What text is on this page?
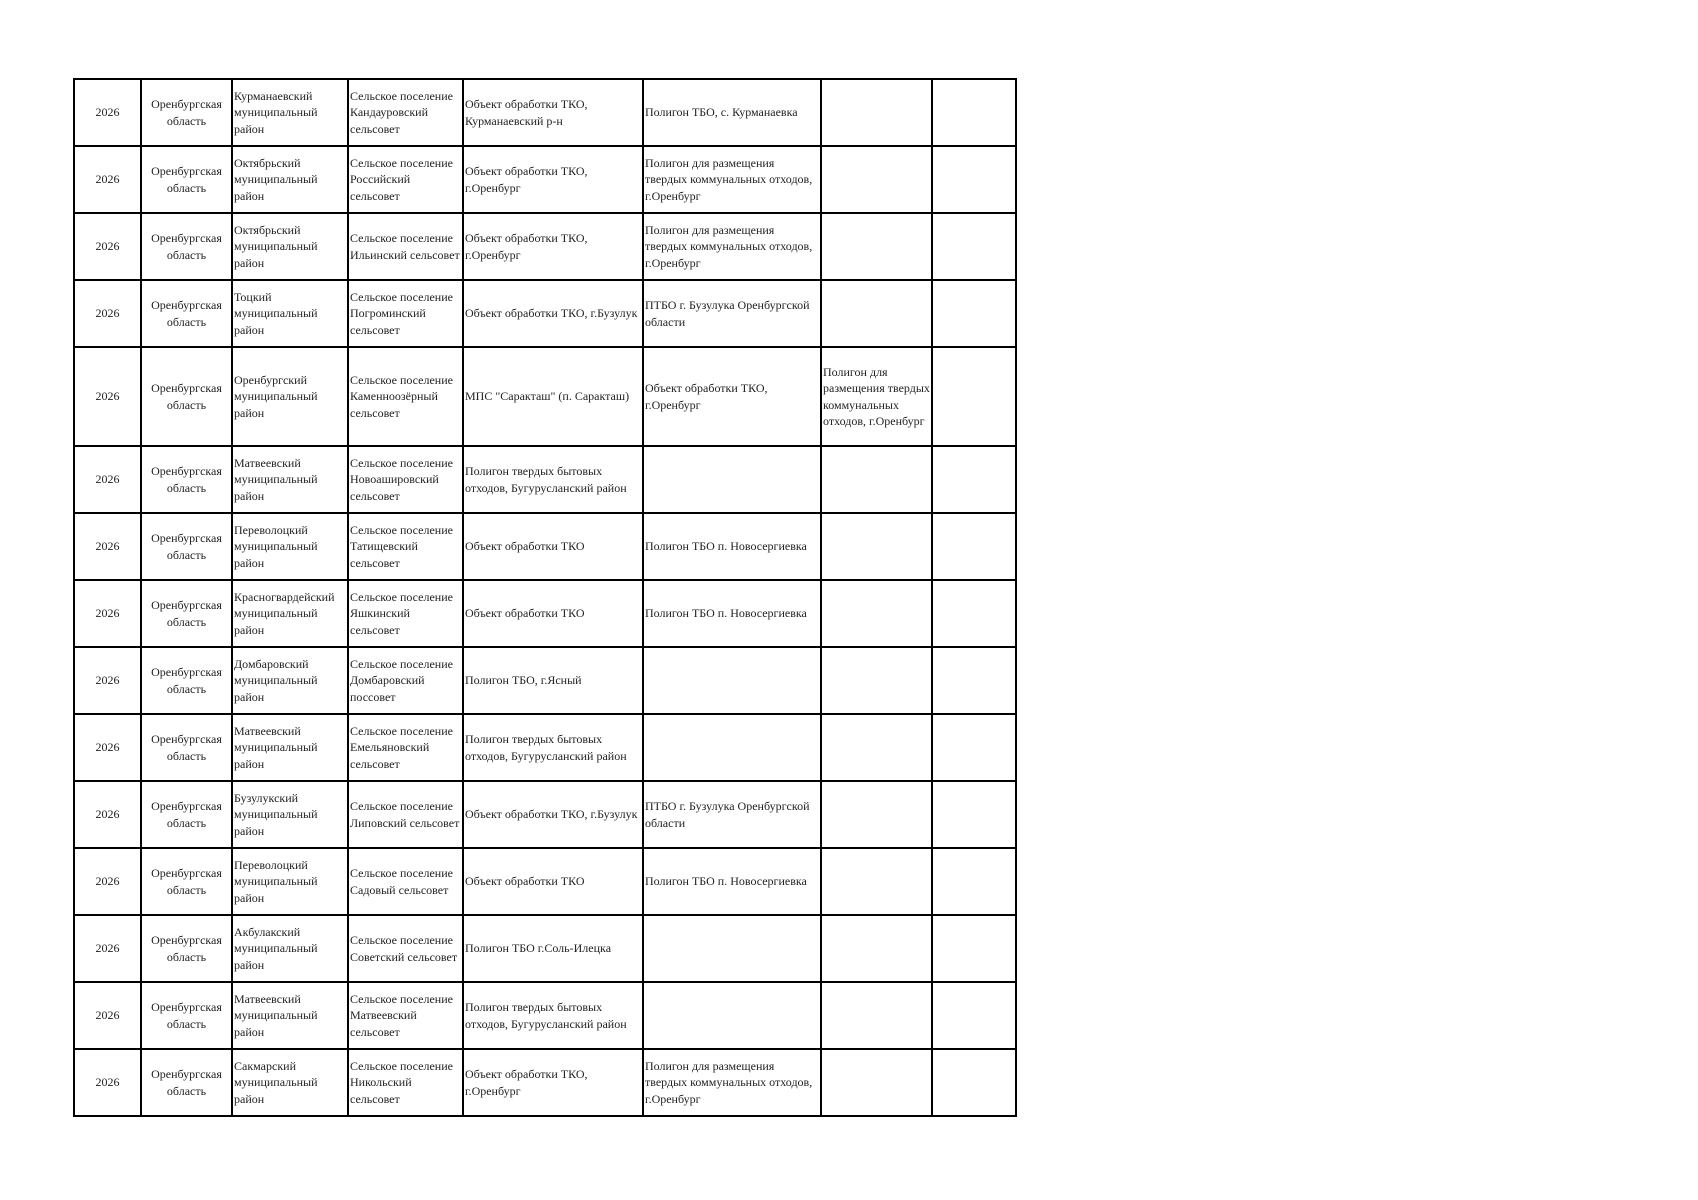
2026	Оренбургская область	Курманаевский муниципальный район	Сельское поселение Кандауровский сельсовет	Объект обработки ТКО, Курманаевский р-н	Полигон ТБО, с. Курманаевка		
2026	Оренбургская область	Октябрьский муниципальный район	Сельское поселение Российский сельсовет	Объект обработки ТКО, г.Оренбург	Полигон для размещения твердых коммунальных отходов, г.Оренбург		
2026	Оренбургская область	Октябрьский муниципальный район	Сельское поселение Ильинский сельсовет	Объект обработки ТКО, г.Оренбург	Полигон для размещения твердых коммунальных отходов, г.Оренбург		
2026	Оренбургская область	Тоцкий муниципальный район	Сельское поселение Погроминский сельсовет	Объект обработки ТКО, г.Бузулук	ПТБО г. Бузулука Оренбургской области		
2026	Оренбургская область	Оренбургский муниципальный район	Сельское поселение Каменноозёрный сельсовет	МПС "Саракташ" (п. Саракташ)	Объект обработки ТКО, г.Оренбург	Полигон для размещения твердых коммунальных отходов, г.Оренбург	
2026	Оренбургская область	Матвеевский муниципальный район	Сельское поселение Новоаширoвский сельсовет	Полигон твердых бытовых отходов, Бугурусланский район			
2026	Оренбургская область	Переволоцкий муниципальный район	Сельское поселение Татищевский сельсовет	Объект обработки ТКО	Полигон ТБО п. Новосергиевка		
2026	Оренбургская область	Красногвардейский муниципальный район	Сельское поселение Яшкинский сельсовет	Объект обработки ТКО	Полигон ТБО п. Новосергиевка		
2026	Оренбургская область	Домбаровский муниципальный район	Сельское поселение Домбаровский поссовет	Полигон ТБО, г.Ясный			
2026	Оренбургская область	Матвеевский муниципальный район	Сельское поселение Емельяновский сельсовет	Полигон твердых бытовых отходов, Бугурусланский район			
2026	Оренбургская область	Бузулукский муниципальный район	Сельское поселение Липовский сельсовет	Объект обработки ТКО, г.Бузулук	ПТБО г. Бузулука Оренбургской области		
2026	Оренбургская область	Переволоцкий муниципальный район	Сельское поселение Садовый сельсовет	Объект обработки ТКО	Полигон ТБО п. Новосергиевка		
2026	Оренбургская область	Акбулакский муниципальный район	Сельское поселение Советский сельсовет	Полигон ТБО г.Соль-Илецка			
2026	Оренбургская область	Матвеевский муниципальный район	Сельское поселение Матвеевский сельсовет	Полигон твердых бытовых отходов, Бугурусланский район			
2026	Оренбургская область	Сакмарский муниципальный район	Сельское поселение Никольский сельсовет	Объект обработки ТКО, г.Оренбург	Полигон для размещения твердых коммунальных отходов, г.Оренбург		
